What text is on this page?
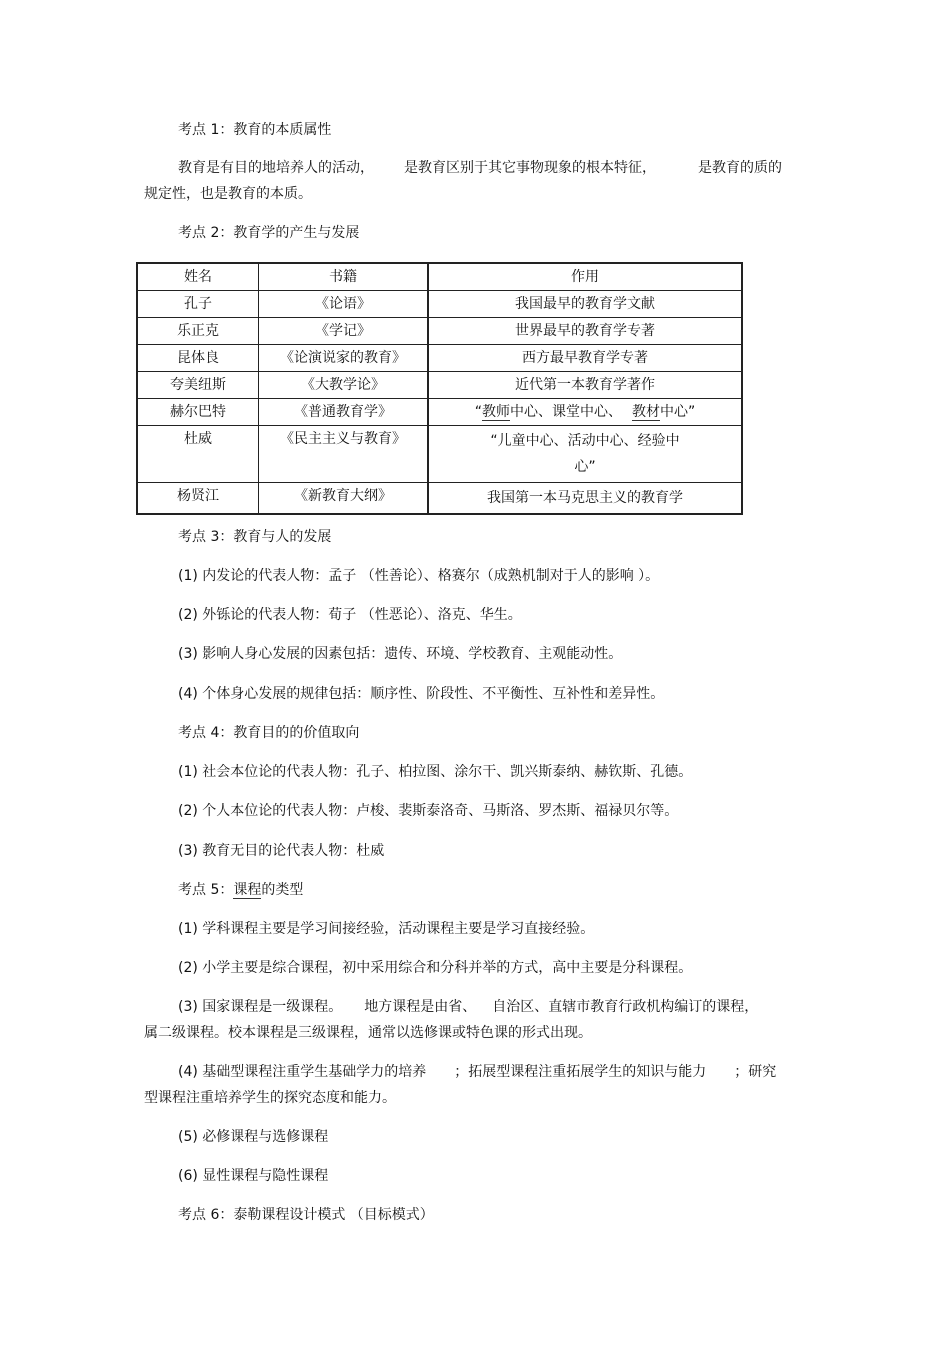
考点 1：教育的本质属性
教育是有目的地培养人的活动， 是教育区别于其它事物现象的根本特征，	是教育的质的
规定性，也是教育的本质。
考点 2：教育学的产生与发展
姓名	书籍	作用
孔子	《论语》	我国最早的教育学文献
乐正克	《学记》	世界最早的教育学专著
昆体良	《论演说家的教育》	西方最早教育学专著
夸美纽斯	《大教学论》	近代第一本教育学著作
赫尔巴特	《普通教育学》	“教师中心、课堂中心、 教材中心”
杜威	《民主主义与教育》	“儿童中心、活动中心、经验中心”
杨贤江	《新教育大纲》	我国第一本马克思主义的教育学
考点 3：教育与人的发展
(1) 内发论的代表人物：孟子 （性善论）、格赛尔（成熟机制对于人的影响 ）。
(2) 外铄论的代表人物：荀子 （性恶论）、洛克、华生。
(3) 影响人身心发展的因素包括：遗传、环境、学校教育、主观能动性。
(4) 个体身心发展的规律包括：顺序性、阶段性、不平衡性、互补性和差异性。
考点 4：教育目的的价值取向
(1) 社会本位论的代表人物：孔子、柏拉图、涂尔干、凯兴斯泰纳、赫钦斯、孔德。
(2) 个人本位论的代表人物：卢梭、裴斯泰洛奇、马斯洛、罗杰斯、福禄贝尔等。
(3) 教育无目的论代表人物：杜威
考点 5：课程的类型
(1) 学科课程主要是学习间接经验，活动课程主要是学习直接经验。
(2) 小学主要是综合课程，初中采用综合和分科并举的方式，高中主要是分科课程。
(3) 国家课程是一级课程。 地方课程是由省、 自治区、直辖市教育行政机构编订的课程，
属二级课程。校本课程是三级课程，通常以选修课或特色课的形式出现。
(4) 基础型课程注重学生基础学力的培养 ；拓展型课程注重拓展学生的知识与能力 ；研究
型课程注重培养学生的探究态度和能力。
(5) 必修课程与选修课程
(6) 显性课程与隐性课程
考点 6：泰勒课程设计模式 （目标模式）
